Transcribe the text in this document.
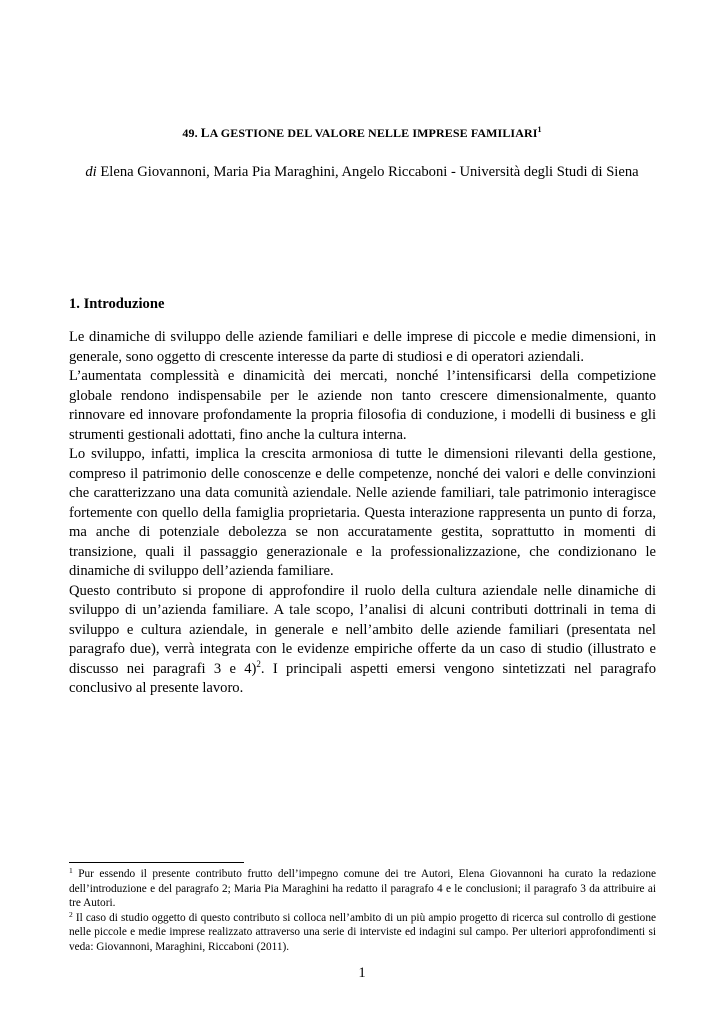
49. LA GESTIONE DEL VALORE NELLE IMPRESE FAMILIARI$^1$
di Elena Giovannoni, Maria Pia Maraghini, Angelo Riccaboni - Università degli Studi di Siena
1. Introduzione

Le dinamiche di sviluppo delle aziende familiari e delle imprese di piccole e medie dimensioni, in generale, sono oggetto di crescente interesse da parte di studiosi e di operatori aziendali.

L’aumentata complessità e dinamicità dei mercati, nonché l’intensificarsi della competizione globale rendono indispensabile per le aziende non tanto crescere dimensionalmente, quanto rinnovare ed innovare profondamente la propria filosofia di conduzione, i modelli di business e gli strumenti gestionali adottati, fino anche la cultura interna.

Lo sviluppo, infatti, implica la crescita armoniosa di tutte le dimensioni rilevanti della gestione, compreso il patrimonio delle conoscenze e delle competenze, nonché dei valori e delle convinzioni che caratterizzano una data comunità aziendale. Nelle aziende familiari, tale patrimonio interagisce fortemente con quello della famiglia proprietaria. Questa interazione rappresenta un punto di forza, ma anche di potenziale debolezza se non accuratamente gestita, soprattutto in momenti di transizione, quali il passaggio generazionale e la professionalizzazione, che condizionano le dinamiche di sviluppo dell’azienda familiare.

Questo contributo si propone di approfondire il ruolo della cultura aziendale nelle dinamiche di sviluppo di un’azienda familiare. A tale scopo, l’analisi di alcuni contributi dottrinali in tema di sviluppo e cultura aziendale, in generale e nell’ambito delle aziende familiari (presentata nel paragrafo due), verrà integrata con le evidenze empiriche offerte da un caso di studio (illustrato e discusso nei paragrafi 3 e 4)$^2$. I principali aspetti emersi vengono sintetizzati nel paragrafo conclusivo al presente lavoro.

$^1$ Pur essendo il presente contributo frutto dell’impegno comune dei tre Autori, Elena Giovannoni ha curato la redazione dell’introduzione e del paragrafo 2; Maria Pia Maraghini ha redatto il paragrafo 4 e le conclusioni; il paragrafo 3 da attribuire ai tre Autori.

$^2$ Il caso di studio oggetto di questo contributo si colloca nell’ambito di un più ampio progetto di ricerca sul controllo di gestione nelle piccole e medie imprese realizzato attraverso una serie di interviste ed indagini sul campo. Per ulteriori approfondimenti si veda: Giovannoni, Maraghini, Riccaboni (2011).

1
